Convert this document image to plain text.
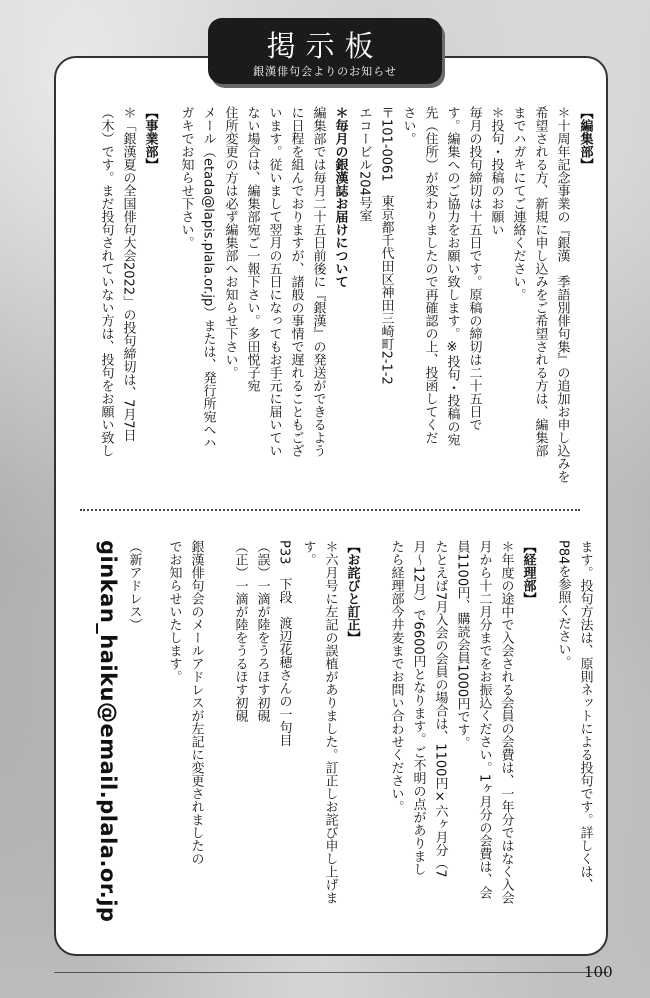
掲示板
銀漢俳句会よりのお知らせ
【編集部】
＊十周年記念事業の『銀漢　季語別俳句集』の追加お申し込みを
希望される方、新規に申し込みをご希望される方は、編集部
までハガキにてご連絡ください。
＊投句・投稿のお願い
毎月の投句締切は十五日です。原稿の締切は二十五日で
す。編集へのご協力をお願い致します。※投句・投稿の宛
先（住所）が変わりましたので再確認の上、投函してくだ
さい。
〒101-0061　東京都千代田区神田三崎町2-1-2
エコービル204号室
＊毎月の銀漢誌お届けについて
編集部では毎月二十五日前後に『銀漢』の発送ができるよう
に日程を組んでおりますが、諸般の事情で遅れることもござ
います。従いまして翌月の五日になってもお手元に届いてい
ない場合は、編集部宛ご一報下さい。多田悦子宛
住所変更の方は必ず編集部へお知らせ下さい。
メール（etada@lapis.plala.or.jp）または、発行所宛へハ
ガキでお知らせ下さい。
【事業部】
＊「銀漢夏の全国俳句大会2022」の投句締切は、7月7日
（木）です。まだ投句されていない方は、投句をお願い致し
ます。投句方法は、原則ネットによる投句です。詳しくは、
P84を参照ください。
【経理部】
＊年度の途中で入会される会員の会費は、一年分ではなく入会
月から十二月分までをお振込ください。1ヶ月分の会費は、会
員1100円、購読会員1000円です。
たとえば7月入会の会員の場合は、1100円×六ヶ月分（7
月～12月）で6600円となります。ご不明の点がありまし
たら経理部今井麦までお問い合わせください。
【お詫びと訂正】
＊六月号に左記の誤植がありました。訂正しお詫び申し上げま
す。
P33　下段　渡辺花穂さんの一句目
（誤）一滴が陸をうろほす初硯
（正）一滴が陸をうるほす初硯
銀漢俳句会のメールアドレスが左記に変更されましたの
でお知らせいたします。
（新アドレス）
ginkan_haiku@email.plala.or.jp
100
